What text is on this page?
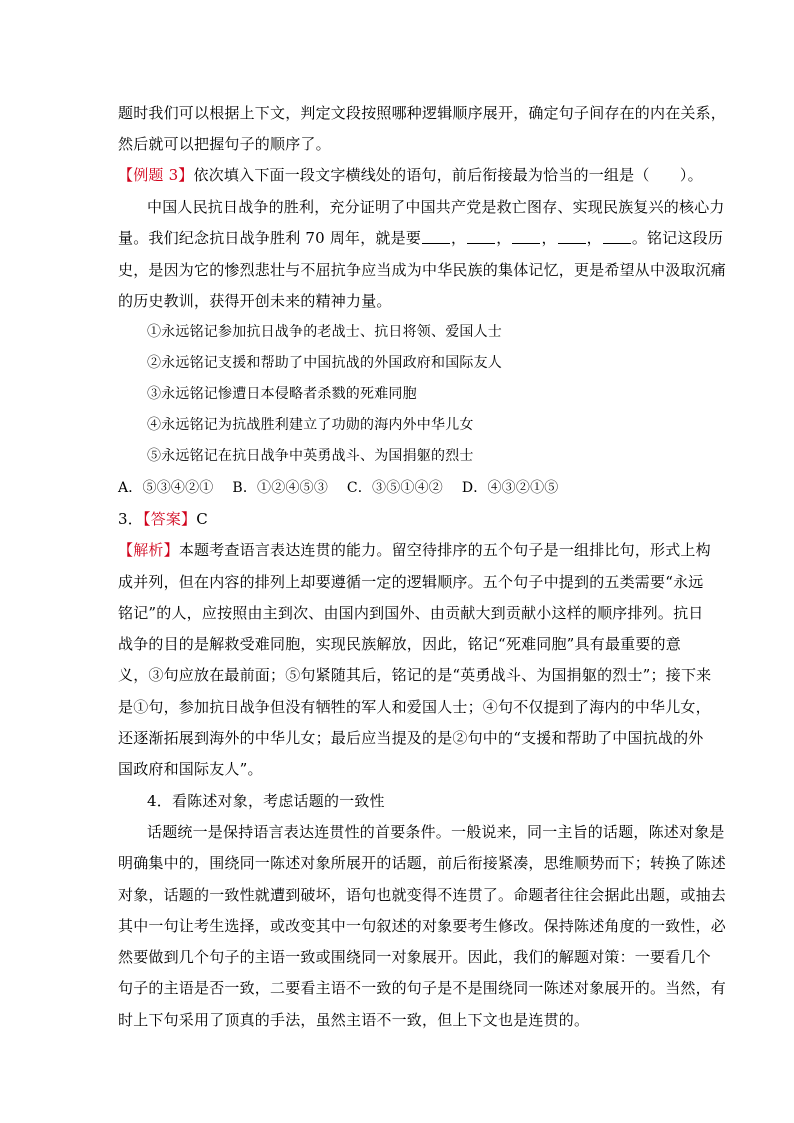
题时我们可以根据上下文，判定文段按照哪种逻辑顺序展开，确定句子间存在的内在关系，
然后就可以把握句子的顺序了。
【例题 3】依次填入下面一段文字横线处的语句，前后衔接最为恰当的一组是（　　）。
中国人民抗日战争的胜利，充分证明了中国共产党是救亡图存、实现民族复兴的核心力
量。我们纪念抗日战争胜利 70 周年，就是要 ， ， ， ， 。铭记这段历
史，是因为它的惨烈悲壮与不屈抗争应当成为中华民族的集体记忆，更是希望从中汲取沉痛
的历史教训，获得开创未来的精神力量。
①永远铭记参加抗日战争的老战士、抗日将领、爱国人士
②永远铭记支援和帮助了中国抗战的外国政府和国际友人
③永远铭记惨遭日本侵略者杀戮的死难同胞
④永远铭记为抗战胜利建立了功勋的海内外中华儿女
⑤永远铭记在抗日战争中英勇战斗、为国捐躯的烈士
A．⑤③④②①　 B．①②④⑤③　 C．③⑤①④②　 D．④③②①⑤
3．【答案】C
【解析】本题考查语言表达连贯的能力。留空待排序的五个句子是一组排比句，形式上构
成并列，但在内容的排列上却要遵循一定的逻辑顺序。五个句子中提到的五类需要“永远
铭记”的人，应按照由主到次、由国内到国外、由贡献大到贡献小这样的顺序排列。抗日
战争的目的是解救受难同胞，实现民族解放，因此，铭记“死难同胞”具有最重要的意
义，③句应放在最前面；⑤句紧随其后，铭记的是“英勇战斗、为国捐躯的烈士”；接下来
是①句，参加抗日战争但没有牺牲的军人和爱国人士；④句不仅提到了海内的中华儿女，
还逐渐拓展到海外的中华儿女；最后应当提及的是②句中的“支援和帮助了中国抗战的外
国政府和国际友人”。
4．看陈述对象，考虑话题的一致性
话题统一是保持语言表达连贯性的首要条件。一般说来，同一主旨的话题，陈述对象是
明确集中的，围绕同一陈述对象所展开的话题，前后衔接紧凑，思维顺势而下；转换了陈述
对象，话题的一致性就遭到破坏，语句也就变得不连贯了。命题者往往会据此出题，或抽去
其中一句让考生选择，或改变其中一句叙述的对象要考生修改。保持陈述角度的一致性，必
然要做到几个句子的主语一致或围绕同一对象展开。因此，我们的解题对策：一要看几个
句子的主语是否一致，二要看主语不一致的句子是不是围绕同一陈述对象展开的。当然，有
时上下句采用了顶真的手法，虽然主语不一致，但上下文也是连贯的。
